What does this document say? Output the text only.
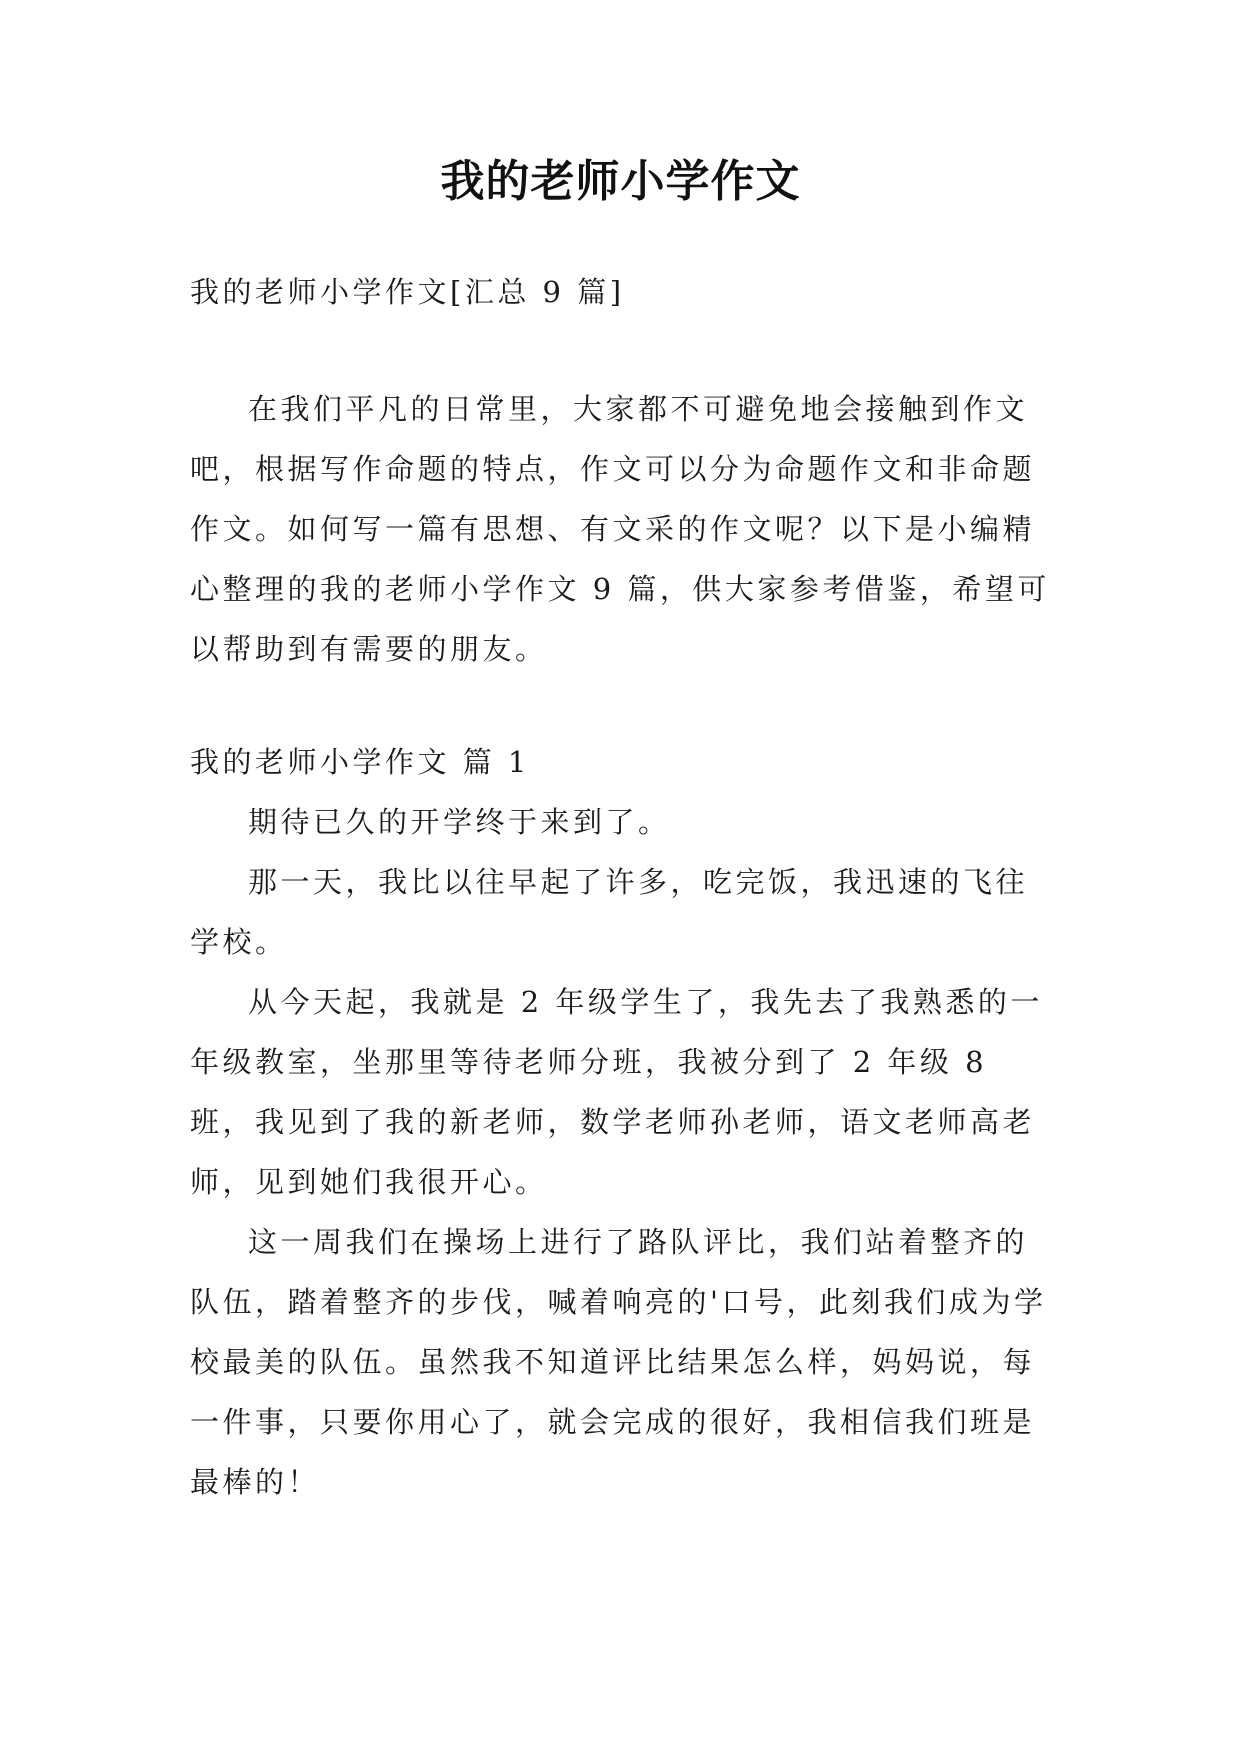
我的老师小学作文

我的老师小学作文[汇总 9 篇]

在我们平凡的日常里，大家都不可避免地会接触到作文吧，根据写作命题的特点，作文可以分为命题作文和非命题作文。如何写一篇有思想、有文采的作文呢？以下是小编精心整理的我的老师小学作文 9 篇，供大家参考借鉴，希望可以帮助到有需要的朋友。

我的老师小学作文 篇 1

期待已久的开学终于来到了。

那一天，我比以往早起了许多，吃完饭，我迅速的飞往学校。

从今天起，我就是 2 年级学生了，我先去了我熟悉的一年级教室，坐那里等待老师分班，我被分到了 2 年级 8 班，我见到了我的新老师，数学老师孙老师，语文老师高老师，见到她们我很开心。

这一周我们在操场上进行了路队评比，我们站着整齐的队伍，踏着整齐的步伐，喊着响亮的'口号，此刻我们成为学校最美的队伍。虽然我不知道评比结果怎么样，妈妈说，每一件事，只要你用心了，就会完成的很好，我相信我们班是最棒的！
